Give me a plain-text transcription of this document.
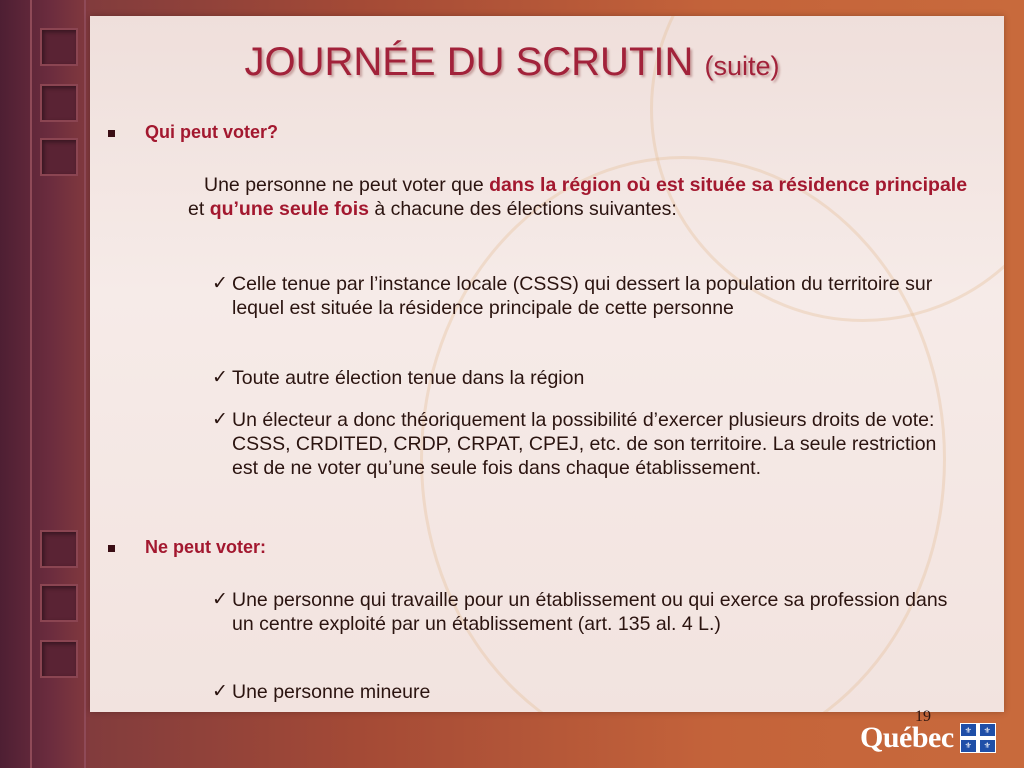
JOURNÉE DU SCRUTIN (suite)
Qui peut voter?
Une personne ne peut voter que dans la région où est située sa résidence principale et qu’une seule fois à chacune des élections suivantes:
✓ Celle tenue par l’instance locale (CSSS) qui dessert la population du territoire sur lequel est située la résidence principale de cette personne
✓ Toute autre élection tenue dans la région
✓ Un électeur a donc théoriquement la possibilité d’exercer plusieurs droits de vote: CSSS, CRDITED, CRDP, CRPAT, CPEJ, etc. de son territoire. La seule restriction est de ne voter qu’une seule fois dans chaque établissement.
Ne peut voter:
✓ Une personne qui travaille pour un établissement ou qui exerce sa profession dans un centre exploité par un établissement (art. 135 al. 4 L.)
✓ Une personne mineure
19
Québec ⚜ ⚜
⚜ ⚜
